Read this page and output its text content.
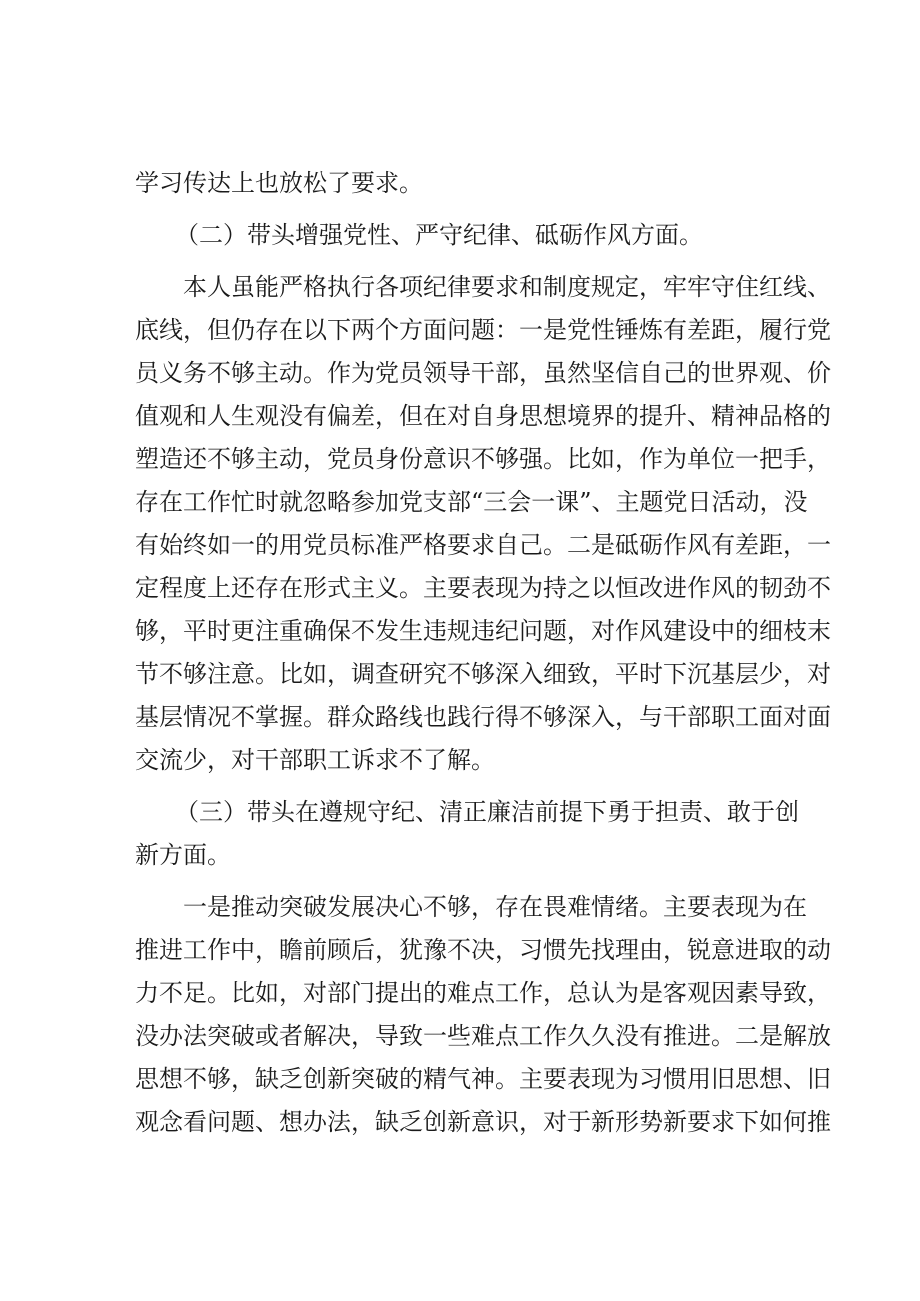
学习传达上也放松了要求。
（二）带头增强党性、严守纪律、砥砺作风方面。
本人虽能严格执行各项纪律要求和制度规定，牢牢守住红线、
底线，但仍存在以下两个方面问题：一是党性锤炼有差距，履行党
员义务不够主动。作为党员领导干部，虽然坚信自己的世界观、价
值观和人生观没有偏差，但在对自身思想境界的提升、精神品格的
塑造还不够主动，党员身份意识不够强。比如，作为单位一把手，
存在工作忙时就忽略参加党支部“三会一课”、主题党日活动，没
有始终如一的用党员标准严格要求自己。二是砥砺作风有差距，一
定程度上还存在形式主义。主要表现为持之以恒改进作风的韧劲不
够，平时更注重确保不发生违规违纪问题，对作风建设中的细枝末
节不够注意。比如，调查研究不够深入细致，平时下沉基层少，对
基层情况不掌握。群众路线也践行得不够深入，与干部职工面对面
交流少，对干部职工诉求不了解。
（三）带头在遵规守纪、清正廉洁前提下勇于担责、敢于创
新方面。
一是推动突破发展决心不够，存在畏难情绪。主要表现为在
推进工作中，瞻前顾后，犹豫不决，习惯先找理由，锐意进取的动
力不足。比如，对部门提出的难点工作，总认为是客观因素导致，
没办法突破或者解决，导致一些难点工作久久没有推进。二是解放
思想不够，缺乏创新突破的精气神。主要表现为习惯用旧思想、旧
观念看问题、想办法，缺乏创新意识，对于新形势新要求下如何推
